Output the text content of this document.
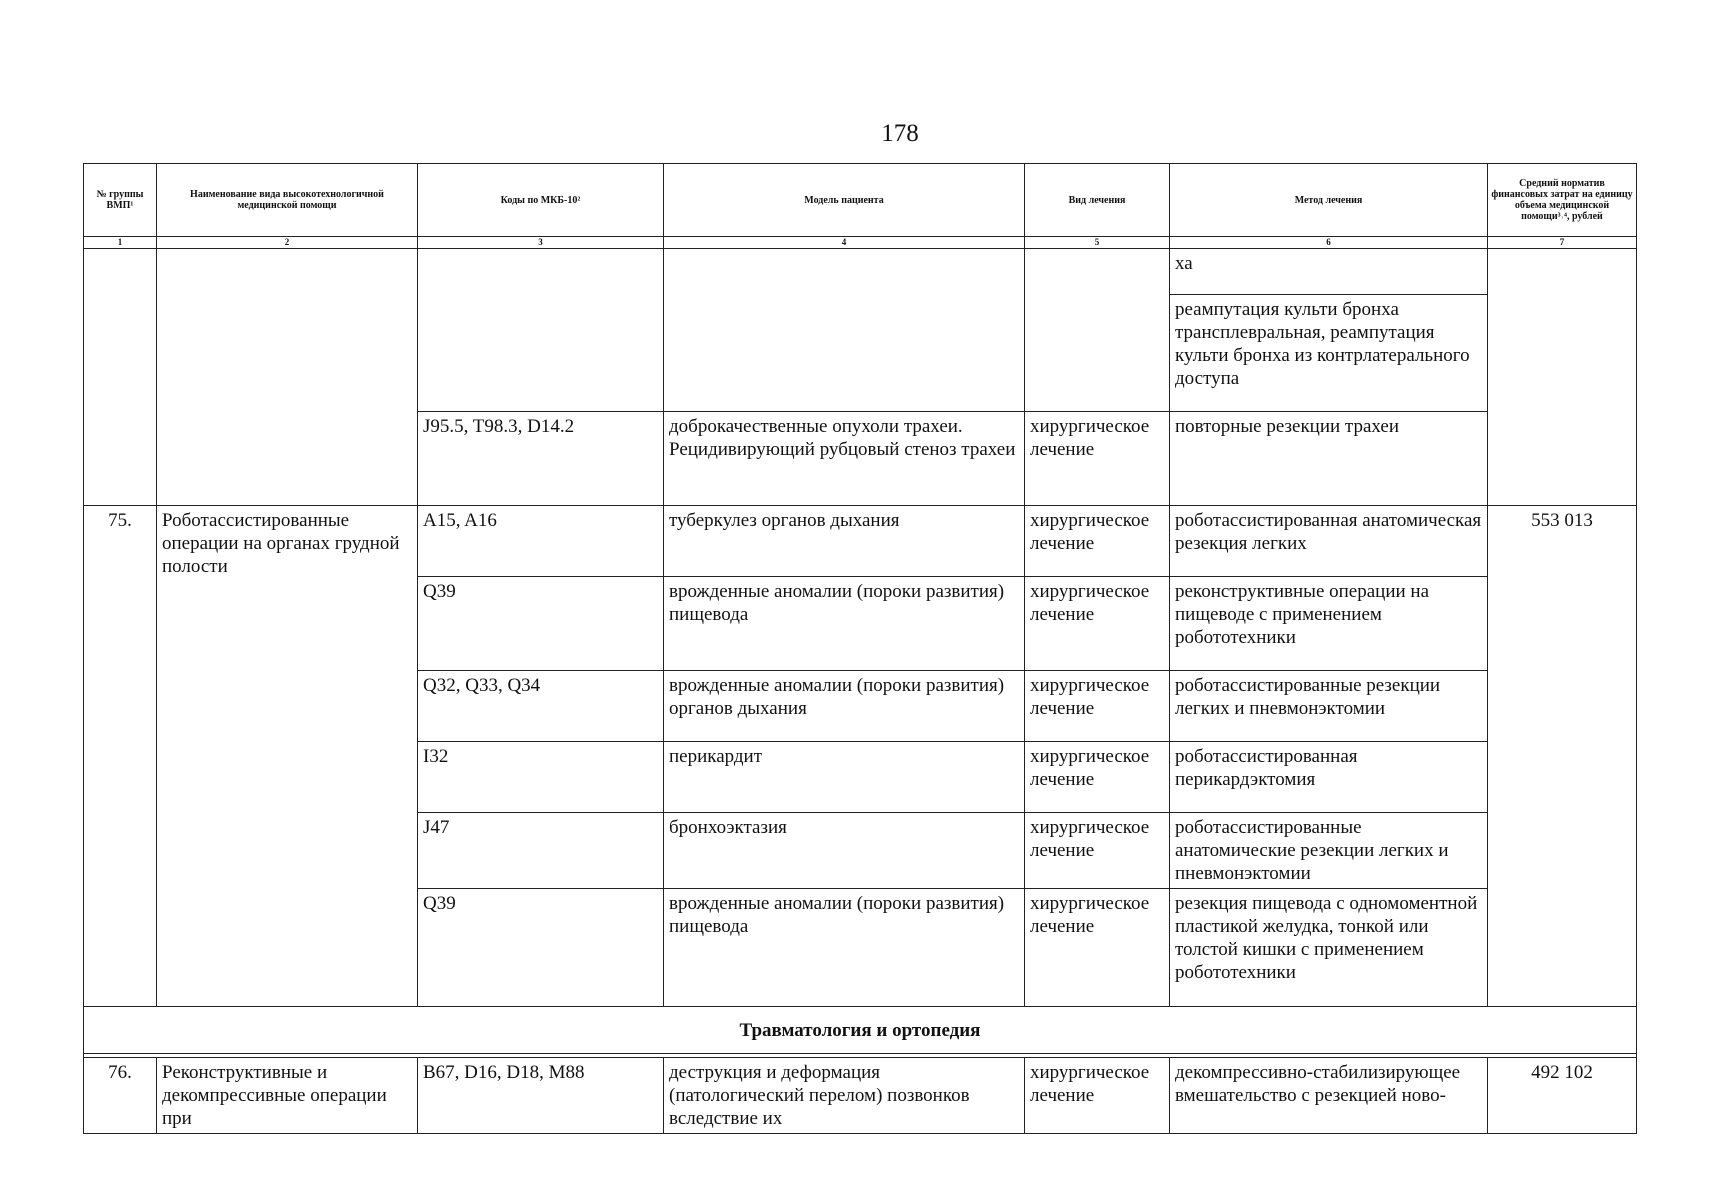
178
№ группы ВМП¹	Наименование вида высокотехнологичной медицинской помощи	Коды по МКБ-10²	Модель пациента	Вид лечения	Метод лечения	Средний норматив финансовых затрат на единицу объема медицинской помощи³˒⁴, рублей
1	2	3	4	5	6	7
					ха	
					реампутация культи бронха трансплевральная, реампутация культи бронха из контрлатерального доступа	
		J95.5, T98.3, D14.2	доброкачественные опухоли трахеи. Рецидивирующий рубцовый стеноз трахеи	хирургическое лечение	повторные резекции трахеи	
75.	Роботассистированные операции на органах грудной полости	A15, A16	туберкулез органов дыхания	хирургическое лечение	роботассистированная анатомическая резекция легких	553 013
		Q39	врожденные аномалии (пороки развития) пищевода	хирургическое лечение	реконструктивные операции на пищеводе с применением робототехники	
		Q32, Q33, Q34	врожденные аномалии (пороки развития) органов дыхания	хирургическое лечение	роботассистированные резекции легких и пневмонэктомии	
		I32	перикардит	хирургическое лечение	роботассистированная перикардэктомия	
		J47	бронхоэктазия	хирургическое лечение	роботассистированные анатомические резекции легких и пневмонэктомии	
		Q39	врожденные аномалии (пороки развития) пищевода	хирургическое лечение	резекция пищевода с одномоментной пластикой желудка, тонкой или толстой кишки с применением робототехники	
Травматология и ортопедия						

76.	Реконструктивные и декомпрессивные операции при	B67, D16, D18, M88	деструкция и деформация (патологический перелом) позвонков вследствие их	хирургическое лечение	декомпрессивно-стабилизирующее вмешательство с резекцией ново-	492 102
